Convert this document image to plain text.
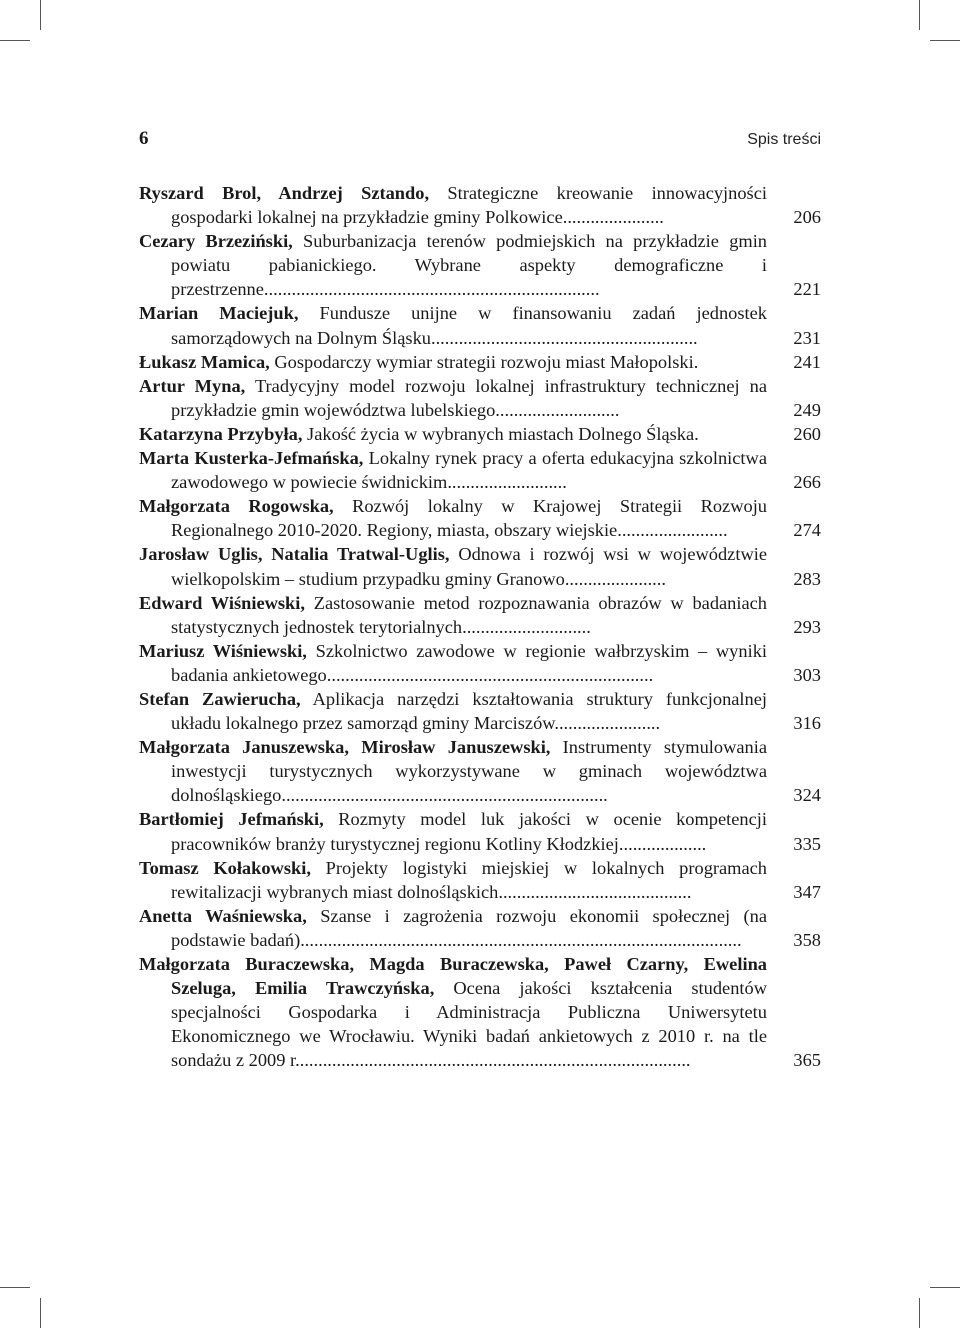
6	Spis treści
Ryszard Brol, Andrzej Sztando, Strategiczne kreowanie innowacyjności gospodarki lokalnej na przykładzie gminy Polkowice......................	206
Cezary Brzeziński, Suburbanizacja terenów podmiejskich na przykładzie gmin powiatu pabianickiego. Wybrane aspekty demograficzne i przestrzenne.........................................................................	221
Marian Maciejuk, Fundusze unijne w finansowaniu zadań jednostek samorządowych na Dolnym Śląsku..........................................................	231
Łukasz Mamica, Gospodarczy wymiar strategii rozwoju miast Małopolski.	241
Artur Myna, Tradycyjny model rozwoju lokalnej infrastruktury technicznej na przykładzie gmin województwa lubelskiego...........................	249
Katarzyna Przybyła, Jakość życia w wybranych miastach Dolnego Śląska.	260
Marta Kusterka-Jefmańska, Lokalny rynek pracy a oferta edukacyjna szkolnictwa zawodowego w powiecie świdnickim..........................	266
Małgorzata Rogowska, Rozwój lokalny w Krajowej Strategii Rozwoju Regionalnego 2010-2020. Regiony, miasta, obszary wiejskie........................	274
Jarosław Uglis, Natalia Tratwal-Uglis, Odnowa i rozwój wsi w województwie wielkopolskim – studium przypadku gminy Granowo......................	283
Edward Wiśniewski, Zastosowanie metod rozpoznawania obrazów w badaniach statystycznych jednostek terytorialnych............................	293
Mariusz Wiśniewski, Szkolnictwo zawodowe w regionie wałbrzyskim – wyniki badania ankietowego.......................................................................	303
Stefan Zawierucha, Aplikacja narzędzi kształtowania struktury funkcjonalnej układu lokalnego przez samorząd gminy Marciszów.......................	316
Małgorzata Januszewska, Mirosław Januszewski, Instrumenty stymulowania inwestycji turystycznych wykorzystywane w gminach województwa dolnośląskiego.......................................................................	324
Bartłomiej Jefmański, Rozmyty model luk jakości w ocenie kompetencji pracowników branży turystycznej regionu Kotliny Kłodzkiej...................	335
Tomasz Kołakowski, Projekty logistyki miejskiej w lokalnych programach rewitalizacji wybranych miast dolnośląskich..........................................	347
Anetta Waśniewska, Szanse i zagrożenia rozwoju ekonomii społecznej (na podstawie badań)................................................................................................	358
Małgorzata Buraczewska, Magda Buraczewska, Paweł Czarny, Ewelina Szeluga, Emilia Trawczyńska, Ocena jakości kształcenia studentów specjalności Gospodarka i Administracja Publiczna Uniwersytetu Ekonomicznego we Wrocławiu. Wyniki badań ankietowych z 2010 r. na tle sondażu z 2009 r......................................................................................	365
